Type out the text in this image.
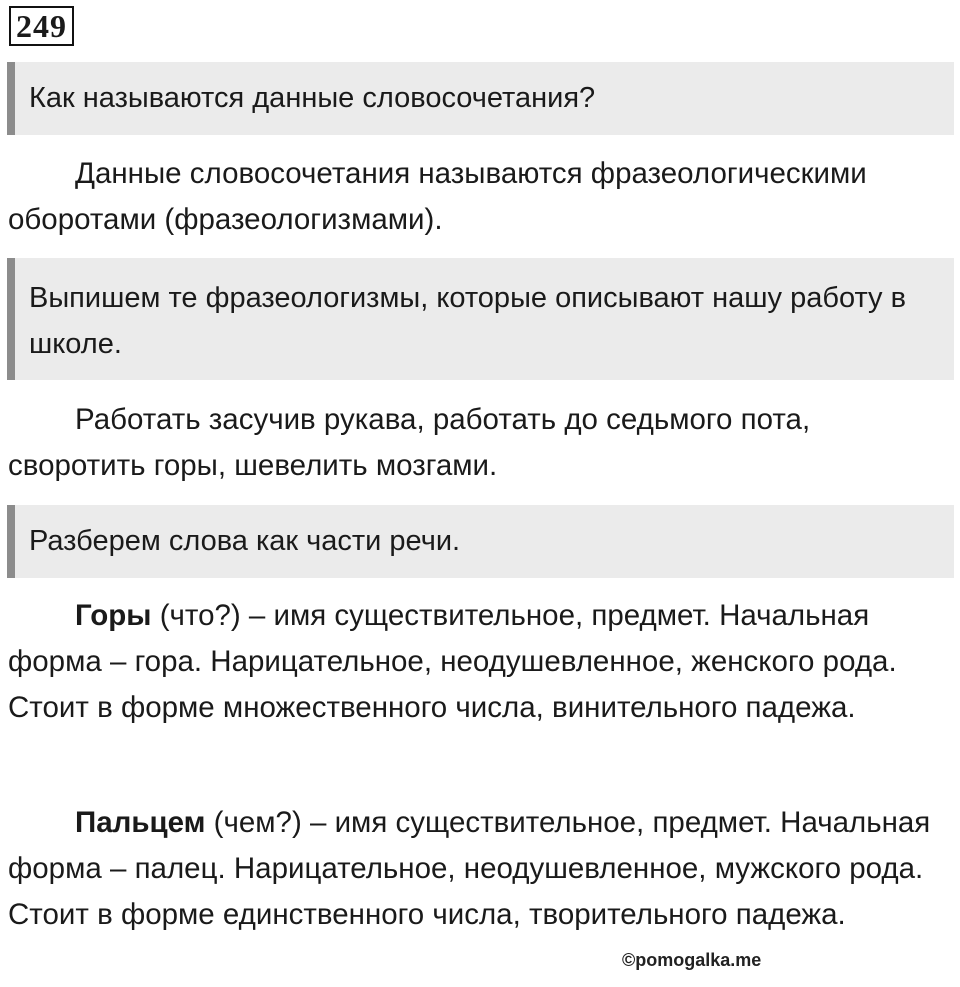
249
Как называются данные словосочетания?
Данные словосочетания называются фразеологическими оборотами (фразеологизмами).
Выпишем те фразеологизмы, которые описывают нашу работу в школе.
Работать засучив рукава, работать до седьмого пота, своротить горы, шевелить мозгами.
Разберем слова как части речи.
Горы (что?) – имя существительное, предмет. Начальная форма – гора. Нарицательное, неодушевленное, женского рода. Стоит в форме множественного числа, винительного падежа.
Пальцем (чем?) – имя существительное, предмет. Начальная форма – палец. Нарицательное, неодушевленное, мужского рода. Стоит в форме единственного числа, творительного падежа.
©pomogalka.me
